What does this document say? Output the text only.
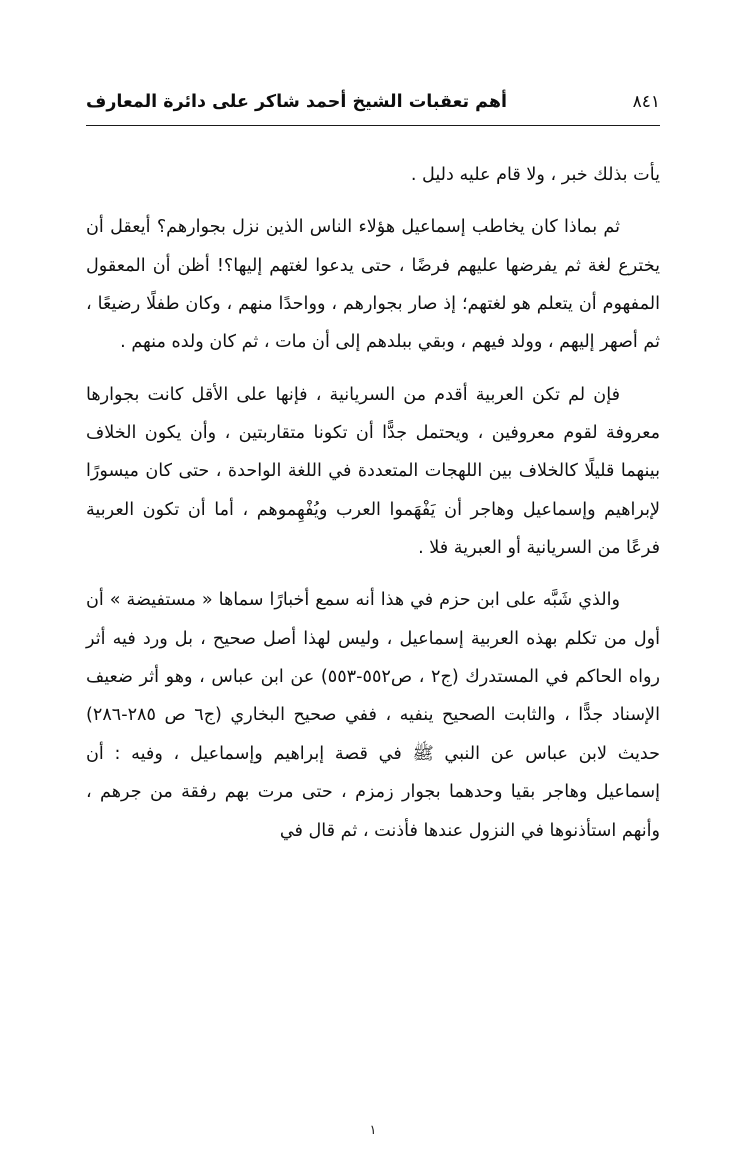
أهم تعقبات الشيخ أحمد شاكر على دائرة المعارف	٨٤١

يأت بذلك خبر ، ولا قام عليه دليل .

ثم بماذا كان يخاطب إسماعيل هؤلاء الناس الذين نزل بجوارهم؟ أيعقل أن يخترع لغة ثم يفرضها عليهم فرضًا ، حتى يدعوا لغتهم إليها؟! أظن أن المعقول المفهوم أن يتعلم هو لغتهم؛ إذ صار بجوارهم ، وواحدًا منهم ، وكان طفلًا رضيعًا ، ثم أصهر إليهم ، وولد فيهم ، وبقي ببلدهم إلى أن مات ، ثم كان ولده منهم .

فإن لم تكن العربية أقدم من السريانية ، فإنها على الأقل كانت بجوارها معروفة لقوم معروفين ، ويحتمل جدًّا أن تكونا متقاربتين ، وأن يكون الخلاف بينهما قليلًا كالخلاف بين اللهجات المتعددة في اللغة الواحدة ، حتى كان ميسورًا لإبراهيم وإسماعيل وهاجر أن يَفْهَموا العرب ويُفْهِموهم ، أما أن تكون العربية فرعًا من السريانية أو العبرية فلا .

والذي شَبَّه على ابن حزم في هذا أنه سمع أخبارًا سماها « مستفيضة » أن أول من تكلم بهذه العربية إسماعيل ، وليس لهذا أصل صحيح ، بل ورد فيه أثر رواه الحاكم في المستدرك (ج٢ ، ص٥٥٢-٥٥٣) عن ابن عباس ، وهو أثر ضعيف الإسناد جدًّا ، والثابت الصحيح ينفيه ، ففي صحيح البخاري (ج٦ ص ٢٨٥-٢٨٦) حديث لابن عباس عن النبي ﷺ في قصة إبراهيم وإسماعيل ، وفيه : أن إسماعيل وهاجر بقيا وحدهما بجوار زمزم ، حتى مرت بهم رفقة من جرهم ، وأنهم استأذنوها في النزول عندها فأذنت ، ثم قال في

١
